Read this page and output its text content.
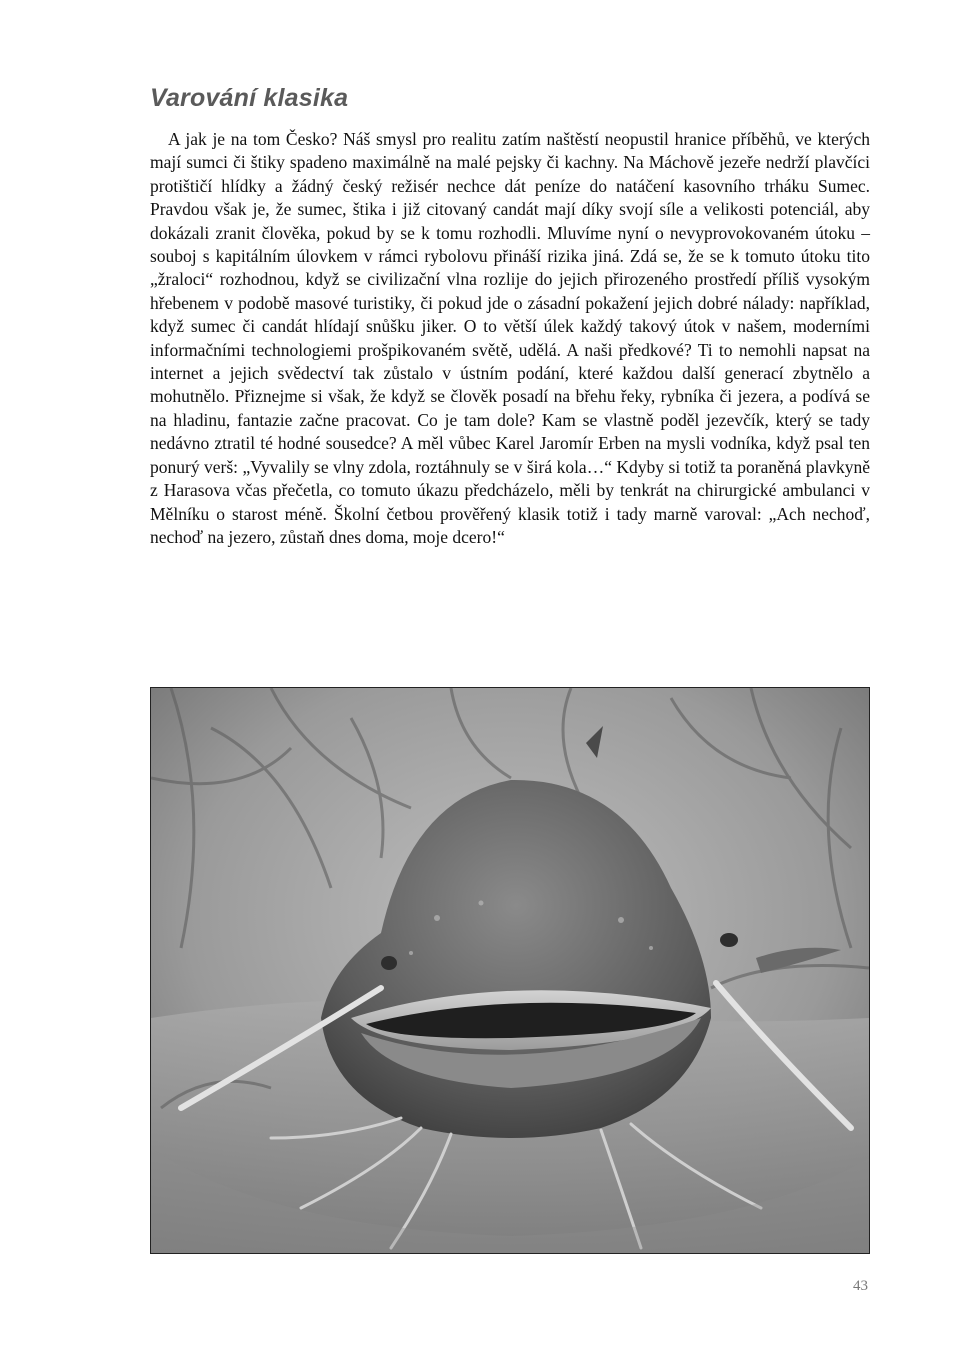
Varování klasika

A jak je na tom Česko? Náš smysl pro realitu zatím naštěstí neopustil hranice příběhů, ve kterých mají sumci či štiky spadeno maximálně na malé pejsky či kachny. Na Máchově jezeře nedrží plavčíci protištičí hlídky a žádný český režisér nechce dát peníze do natáčení kasovního trháku Sumec. Pravdou však je, že sumec, štika i již citovaný candát mají díky svojí síle a velikosti potenciál, aby dokázali zranit člověka, pokud by se k tomu rozhodli. Mluvíme nyní o nevyprovokovaném útoku – souboj s kapitálním úlovkem v rámci rybolovu přináší rizika jiná. Zdá se, že se k tomuto útoku tito „žraloci“ rozhodnou, když se civilizační vlna rozlije do jejich přirozeného prostředí příliš vysokým hřebenem v podobě masové turistiky, či pokud jde o zásadní pokažení jejich dobré nálady: například, když sumec či candát hlídají snůšku jiker. O to větší úlek každý takový útok v našem, moderními informačními technologiemi prošpikovaném světě, udělá. A naši předkové? Ti to nemohli napsat na internet a jejich svědectví tak zůstalo v ústním podání, které každou další generací zbytnělo a mohutnělo. Přiznejme si však, že když se člověk posadí na břehu řeky, rybníka či jezera, a podívá se na hladinu, fantazie začne pracovat. Co je tam dole? Kam se vlastně poděl jezevčík, který se tady nedávno ztratil té hodné sousedce? A měl vůbec Karel Jaromír Erben na mysli vodníka, když psal ten ponurý verš: „Vyvalily se vlny zdola, roztáhnuly se v širá kola…“ Kdyby si totiž ta poraněná plavkyně z Harasova včas přečetla, co tomuto úkazu předcházelo, měli by tenkrát na chirurgické ambulanci v Mělníku o starost méně. Školní četbou prověřený klasik totiž i tady marně varoval: „Ach nechoď, nechoď na jezero, zůstaň dnes doma, moje dcero!“

43
